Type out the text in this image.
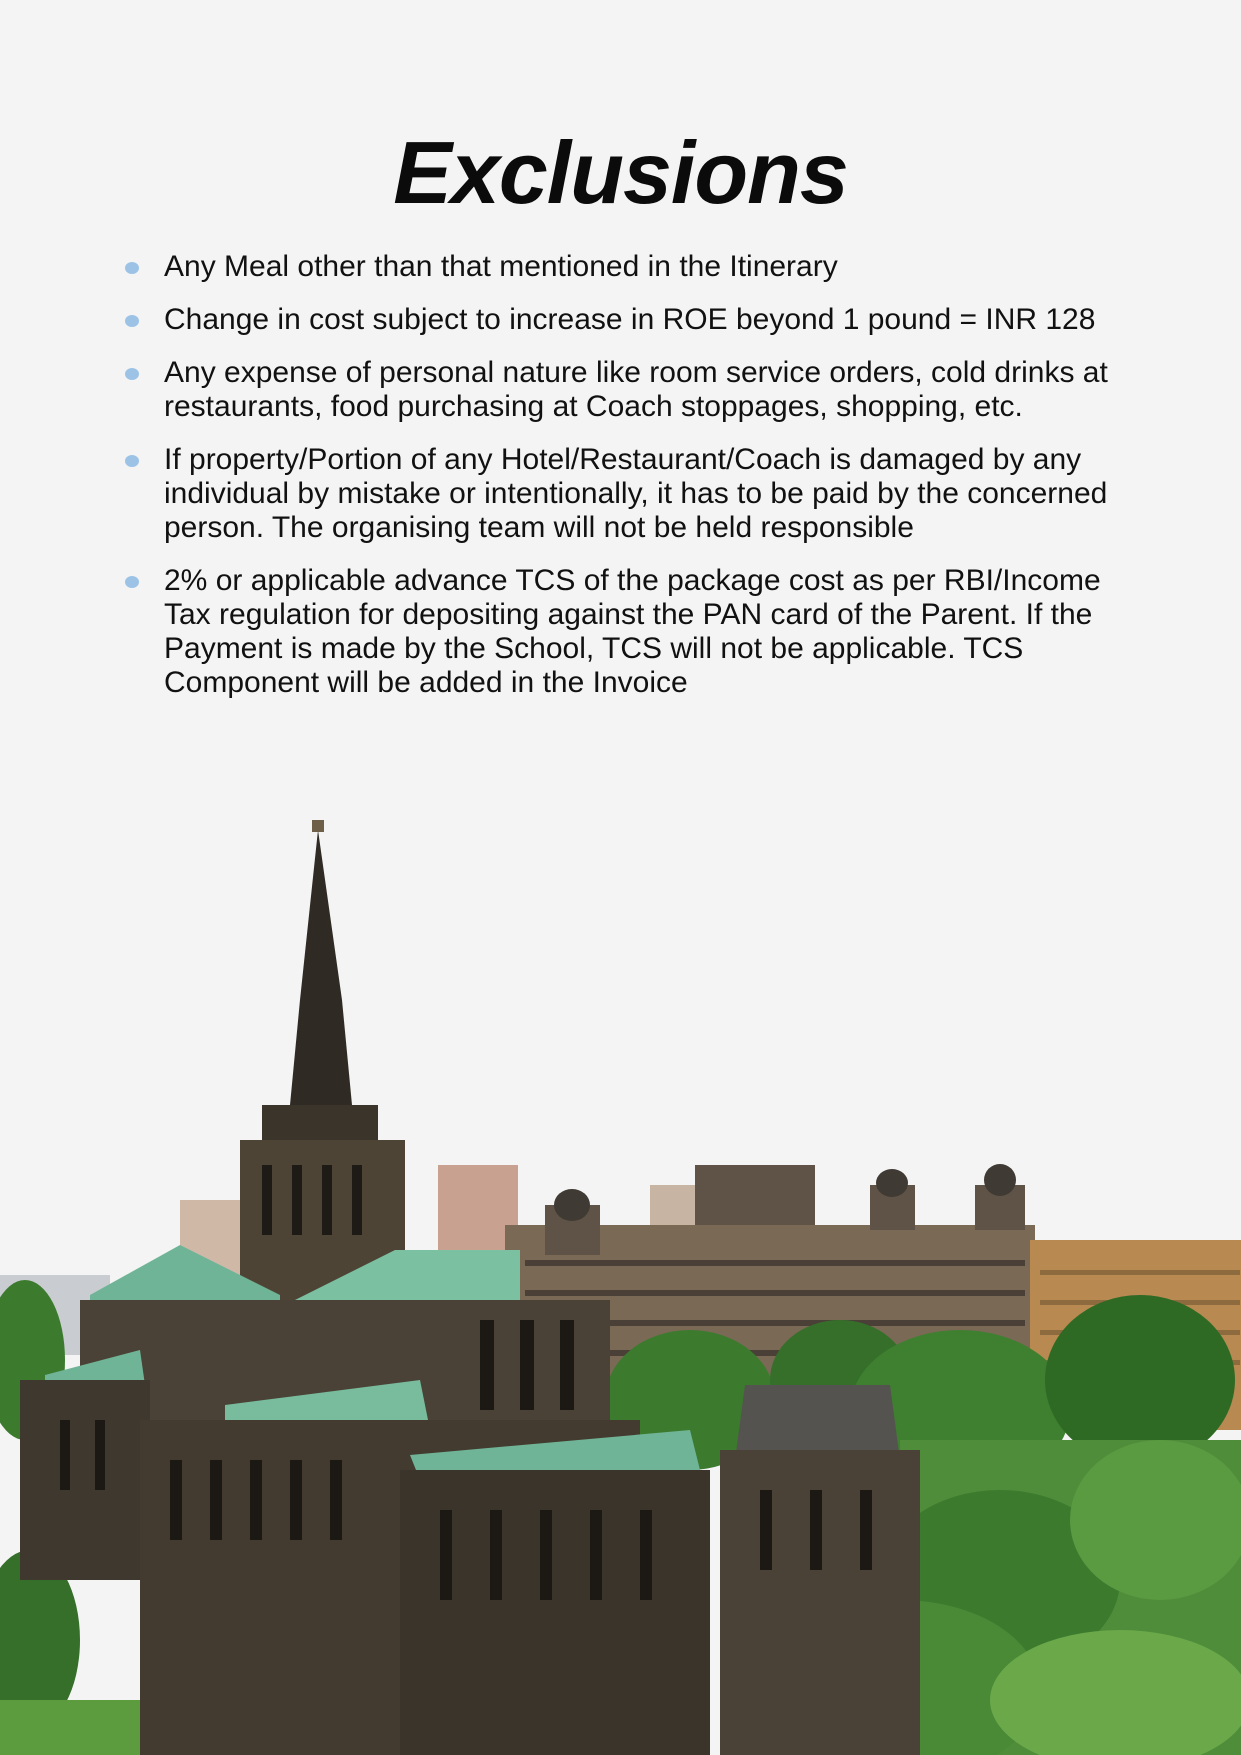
Exclusions
Any Meal other than that mentioned in the Itinerary
Change in cost subject to increase in ROE beyond 1 pound = INR 128
Any expense of personal nature like room service orders, cold drinks at restaurants, food purchasing at Coach stoppages, shopping, etc.
If property/Portion of any Hotel/Restaurant/Coach is damaged by any individual by mistake or intentionally, it has to be paid by the concerned person. The organising team will not be held responsible
2% or applicable advance TCS of the package cost as per RBI/Income Tax regulation for depositing against the PAN card of the Parent. If the Payment is made by the School, TCS will not be applicable. TCS Component will be added in the Invoice
